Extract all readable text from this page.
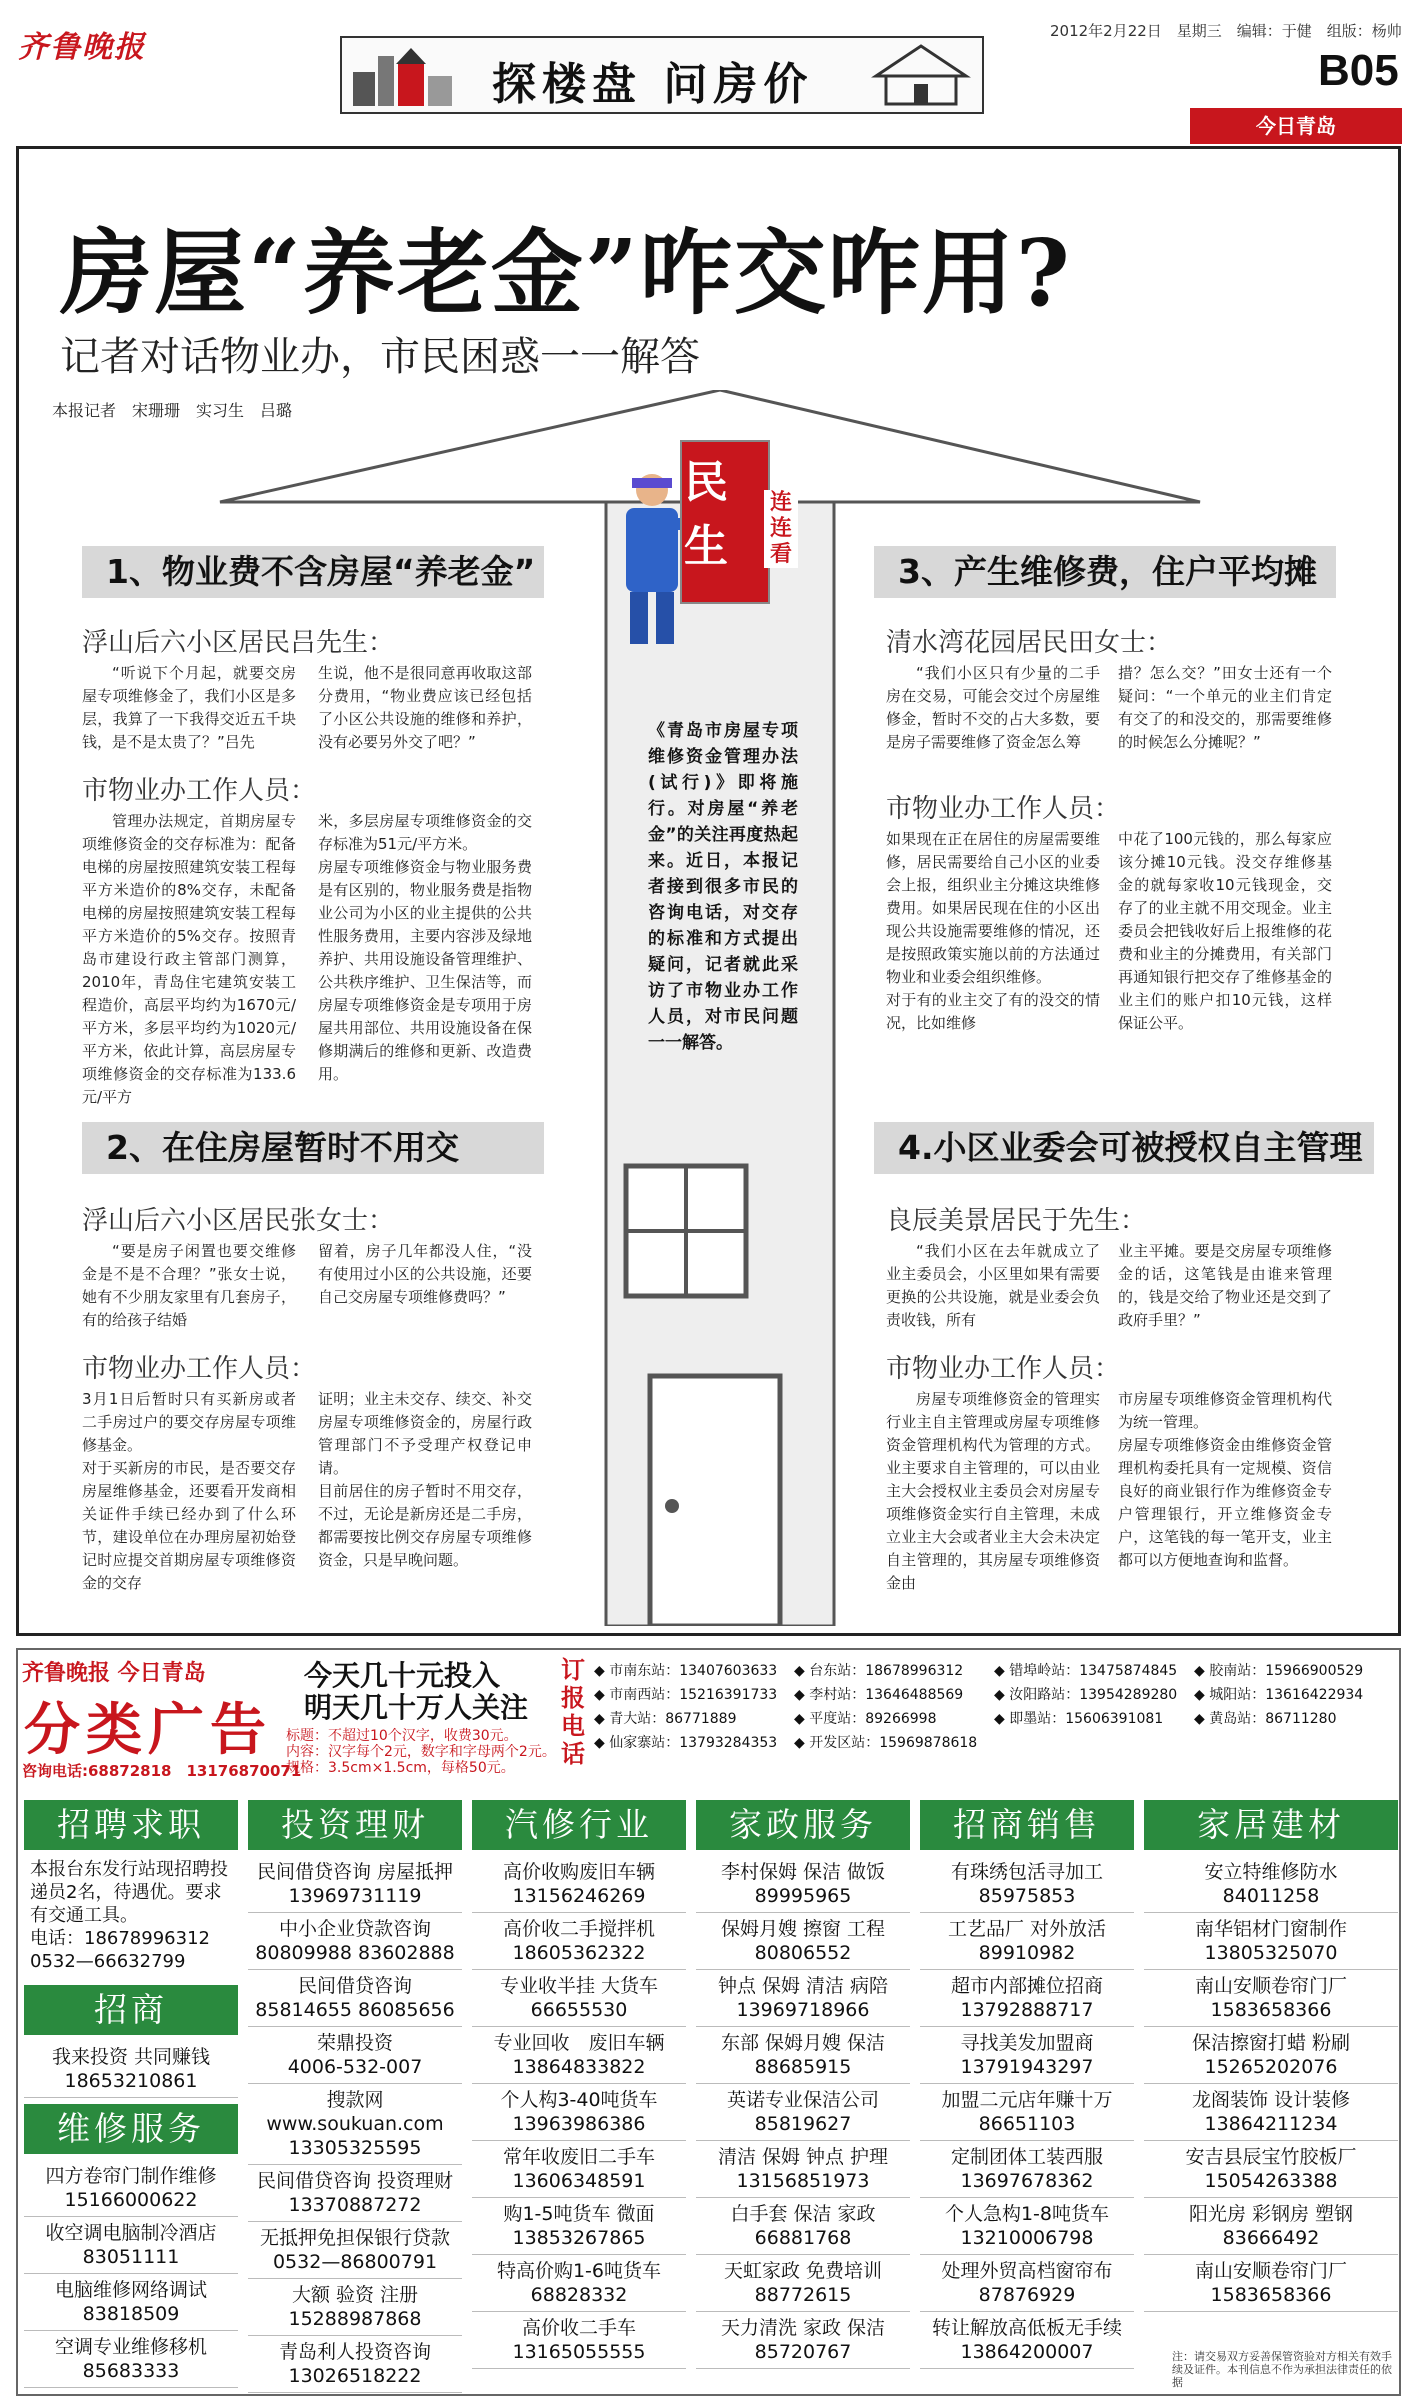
齐鲁晚报
探楼盘 问房价
2012年2月22日　星期三　编辑：于健　组版：杨帅
B05
今日青岛
房屋“养老金”咋交咋用?
记者对话物业办，市民困惑一一解答
本报记者　宋珊珊　实习生　吕璐
民
生
连连看
《青岛市房屋专项维修资金管理办法(试行)》即将施行。对房屋“养老金”的关注再度热起来。近日，本报记者接到很多市民的咨询电话，对交存的标准和方式提出疑问，记者就此采访了市物业办工作人员，对市民问题一一解答。
1、物业费不含房屋“养老金”
浮山后六小区居民吕先生：
“听说下个月起，就要交房屋专项维修金了，我们小区是多层，我算了一下我得交近五千块钱，是不是太贵了？”吕先
生说，他不是很同意再收取这部分费用，“物业费应该已经包括了小区公共设施的维修和养护，没有必要另外交了吧？”
市物业办工作人员：
管理办法规定，首期房屋专项维修资金的交存标准为：配备电梯的房屋按照建筑安装工程每平方米造价的8%交存，未配备电梯的房屋按照建筑安装工程每平方米造价的5%交存。按照青岛市建设行政主管部门测算，2010年，青岛住宅建筑安装工程造价，高层平均约为1670元/平方米，多层平均约为1020元/平方米，依此计算，高层房屋专项维修资金的交存标准为133.6元/平方
米，多层房屋专项维修资金的交存标准为51元/平方米。
房屋专项维修资金与物业服务费是有区别的，物业服务费是指物业公司为小区的业主提供的公共性服务费用，主要内容涉及绿地养护、共用设施设备管理维护、公共秩序维护、卫生保洁等，而房屋专项维修资金是专项用于房屋共用部位、共用设施设备在保修期满后的维修和更新、改造费用。
2、在住房屋暂时不用交
浮山后六小区居民张女士：
“要是房子闲置也要交维修金是不是不合理？”张女士说，她有不少朋友家里有几套房子，有的给孩子结婚
留着，房子几年都没人住，“没有使用过小区的公共设施，还要自己交房屋专项维修费吗？”
市物业办工作人员：
3月1日后暂时只有买新房或者二手房过户的要交存房屋专项维修基金。
对于买新房的市民，是否要交存房屋维修基金，还要看开发商相关证件手续已经办到了什么环节，建设单位在办理房屋初始登记时应提交首期房屋专项维修资金的交存
证明；业主未交存、续交、补交房屋专项维修资金的，房屋行政管理部门不予受理产权登记申请。
目前居住的房子暂时不用交存，不过，无论是新房还是二手房，都需要按比例交存房屋专项维修资金，只是早晚问题。
3、产生维修费，住户平均摊
清水湾花园居民田女士：
“我们小区只有少量的二手房在交易，可能会交过个房屋维修金，暂时不交的占大多数，要是房子需要维修了资金怎么筹
措？怎么交？”田女士还有一个疑问：“一个单元的业主们肯定有交了的和没交的，那需要维修的时候怎么分摊呢？”
市物业办工作人员：
如果现在正在居住的房屋需要维修，居民需要给自己小区的业委会上报，组织业主分摊这块维修费用。如果居民现在住的小区出现公共设施需要维修的情况，还是按照政策实施以前的方法通过物业和业委会组织维修。
对于有的业主交了有的没交的情况，比如维修
中花了100元钱的，那么每家应该分摊10元钱。没交存维修基金的就每家收10元钱现金，交存了的业主就不用交现金。业主委员会把钱收好后上报维修的花费和业主的分摊费用，有关部门再通知银行把交存了维修基金的业主们的账户扣10元钱，这样保证公平。
4.小区业委会可被授权自主管理
良辰美景居民于先生：
“我们小区在去年就成立了业主委员会，小区里如果有需要更换的公共设施，就是业委会负责收钱，所有
业主平摊。要是交房屋专项维修金的话，这笔钱是由谁来管理的，钱是交给了物业还是交到了政府手里？”
市物业办工作人员：
房屋专项维修资金的管理实行业主自主管理或房屋专项维修资金管理机构代为管理的方式。业主要求自主管理的，可以由业主大会授权业主委员会对房屋专项维修资金实行自主管理，未成立业主大会或者业主大会未决定自主管理的，其房屋专项维修资金由
市房屋专项维修资金管理机构代为统一管理。
房屋专项维修资金由维修资金管理机构委托具有一定规模、资信良好的商业银行作为维修资金专户管理银行，开立维修资金专户，这笔钱的每一笔开支，业主都可以方便地查询和监督。
齐鲁晚报 今日青岛
分类广告
咨询电话:68872818　13176870071
今天几十元投入
明天几十万人关注
标题：不超过10个汉字，收费30元。
内容：汉字每个2元，数字和字母两个2元。
规格：3.5cm×1.5cm，每格50元。
订报电话
◆ 市南东站：13407603633 ◆ 台东站：18678996312 ◆ 错埠岭站：13475874845 ◆ 胶南站：15966900529
◆ 市南西站：15216391733 ◆ 李村站：13646488569 ◆ 汝阳路站：13954289280 ◆ 城阳站：13616422934
◆ 青大站：86771889	◆ 平度站：89266998	◆ 即墨站：15606391081 ◆ 黄岛站：86711280
◆ 仙家寨站：13793284353 ◆ 开发区站：15969878618
招聘求职
本报台东发行站现招聘投递员2名，待遇优。要求有交通工具。
电话：18678996312
0532—66632799
招商
我来投资 共同赚钱
18653210861
维修服务
四方卷帘门制作维修
15166000622
收空调电脑制冷酒店
83051111
电脑维修网络调试
83818509
空调专业维修移机
85683333
投资理财
民间借贷咨询 房屋抵押
13969731119
中小企业贷款咨询
80809988 83602888
民间借贷咨询
85814655 86085656
荣鼎投资
4006-532-007
搜款网
www.soukuan.com
13305325595
民间借贷咨询 投资理财
13370887272
无抵押免担保银行贷款
0532—86800791
大额 验资 注册
15288987868
青岛利人投资咨询
13026518222
汽修行业
高价收购废旧车辆
13156246269
高价收二手搅拌机
18605362322
专业收半挂 大货车
66655530
专业回收　废旧车辆
13864833822
个人构3-40吨货车
13963986386
常年收废旧二手车
13606348591
购1-5吨货车 微面
13853267865
特高价购1-6吨货车
68828332
高价收二手车
13165055555
家政服务
李村保姆 保洁 做饭
89995965
保姆月嫂 擦窗 工程
80806552
钟点 保姆 清洁 病陪
13969718966
东部 保姆月嫂 保洁
88685915
英诺专业保洁公司
85819627
清洁 保姆 钟点 护理
13156851973
白手套 保洁 家政
66881768
天虹家政 免费培训
88772615
天力清洗 家政 保洁
85720767
招商销售
有珠绣包活寻加工
85975853
工艺品厂 对外放活
89910982
超市内部摊位招商
13792888717
寻找美发加盟商
13791943297
加盟二元店年赚十万
86651103
定制团体工装西服
13697678362
个人急构1-8吨货车
13210006798
处理外贸高档窗帘布
87876929
转让解放高低板无手续
13864200007
家居建材
安立特维修防水
84011258
南华铝材门窗制作
13805325070
南山安顺卷帘门厂
1583658366
保洁擦窗打蜡 粉刷
15265202076
龙阁装饰 设计装修
13864211234
安吉县辰宝竹胶板厂
15054263388
阳光房 彩钢房 塑钢
83666492
南山安顺卷帘门厂
1583658366
注：请交易双方妥善保管资验对方相关有效手续及证件。本刊信息不作为承担法律责任的依据
